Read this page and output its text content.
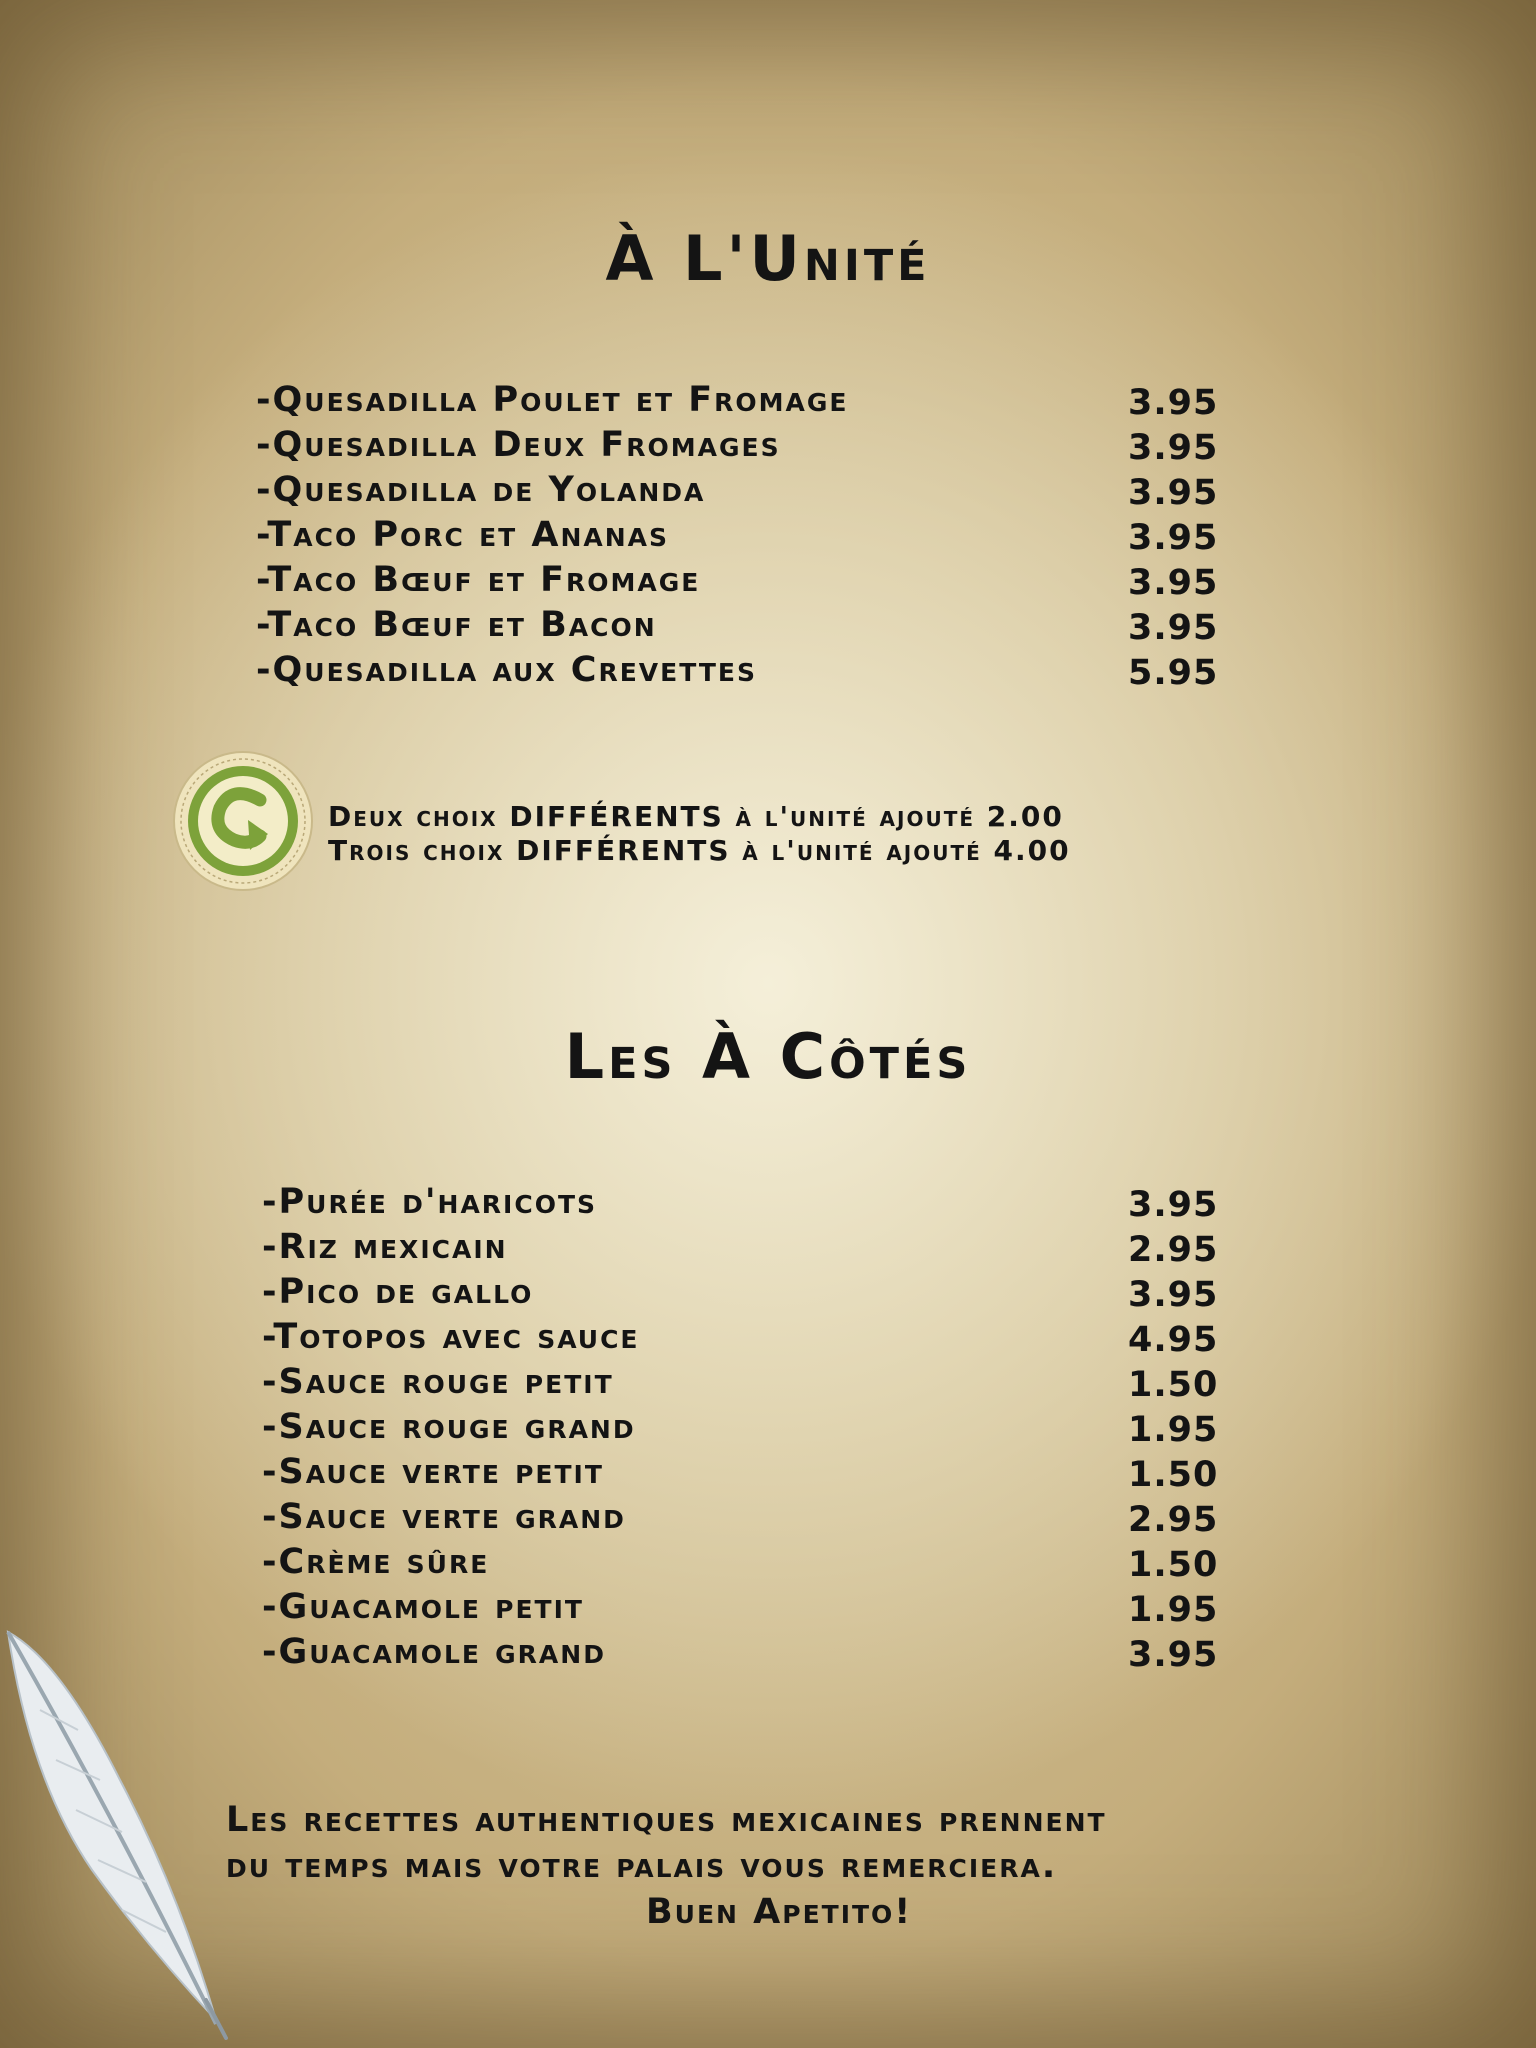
À L'Unité
-Quesadilla Poulet et Fromage	3.95
-Quesadilla Deux Fromages	3.95
-Quesadilla de Yolanda	3.95
-Taco Porc et Ananas	3.95
-Taco Bœuf et Fromage	3.95
-Taco Bœuf et Bacon	3.95
-Quesadilla aux Crevettes	5.95
Deux choix DIFFÉRENTS à l'unité ajouté 2.00
Trois choix DIFFÉRENTS à l'unité ajouté 4.00
Les À Côtés
-Purée d'haricots	3.95
-Riz mexicain	2.95
-Pico de gallo	3.95
-Totopos avec sauce	4.95
-Sauce rouge petit	1.50
-Sauce rouge grand	1.95
-Sauce verte petit	1.50
-Sauce verte grand	2.95
-Crème sûre	1.50
-Guacamole petit	1.95
-Guacamole grand	3.95
Les recettes authentiques mexicaines prennent
du temps mais votre palais vous remerciera.
Buen Apetito!
